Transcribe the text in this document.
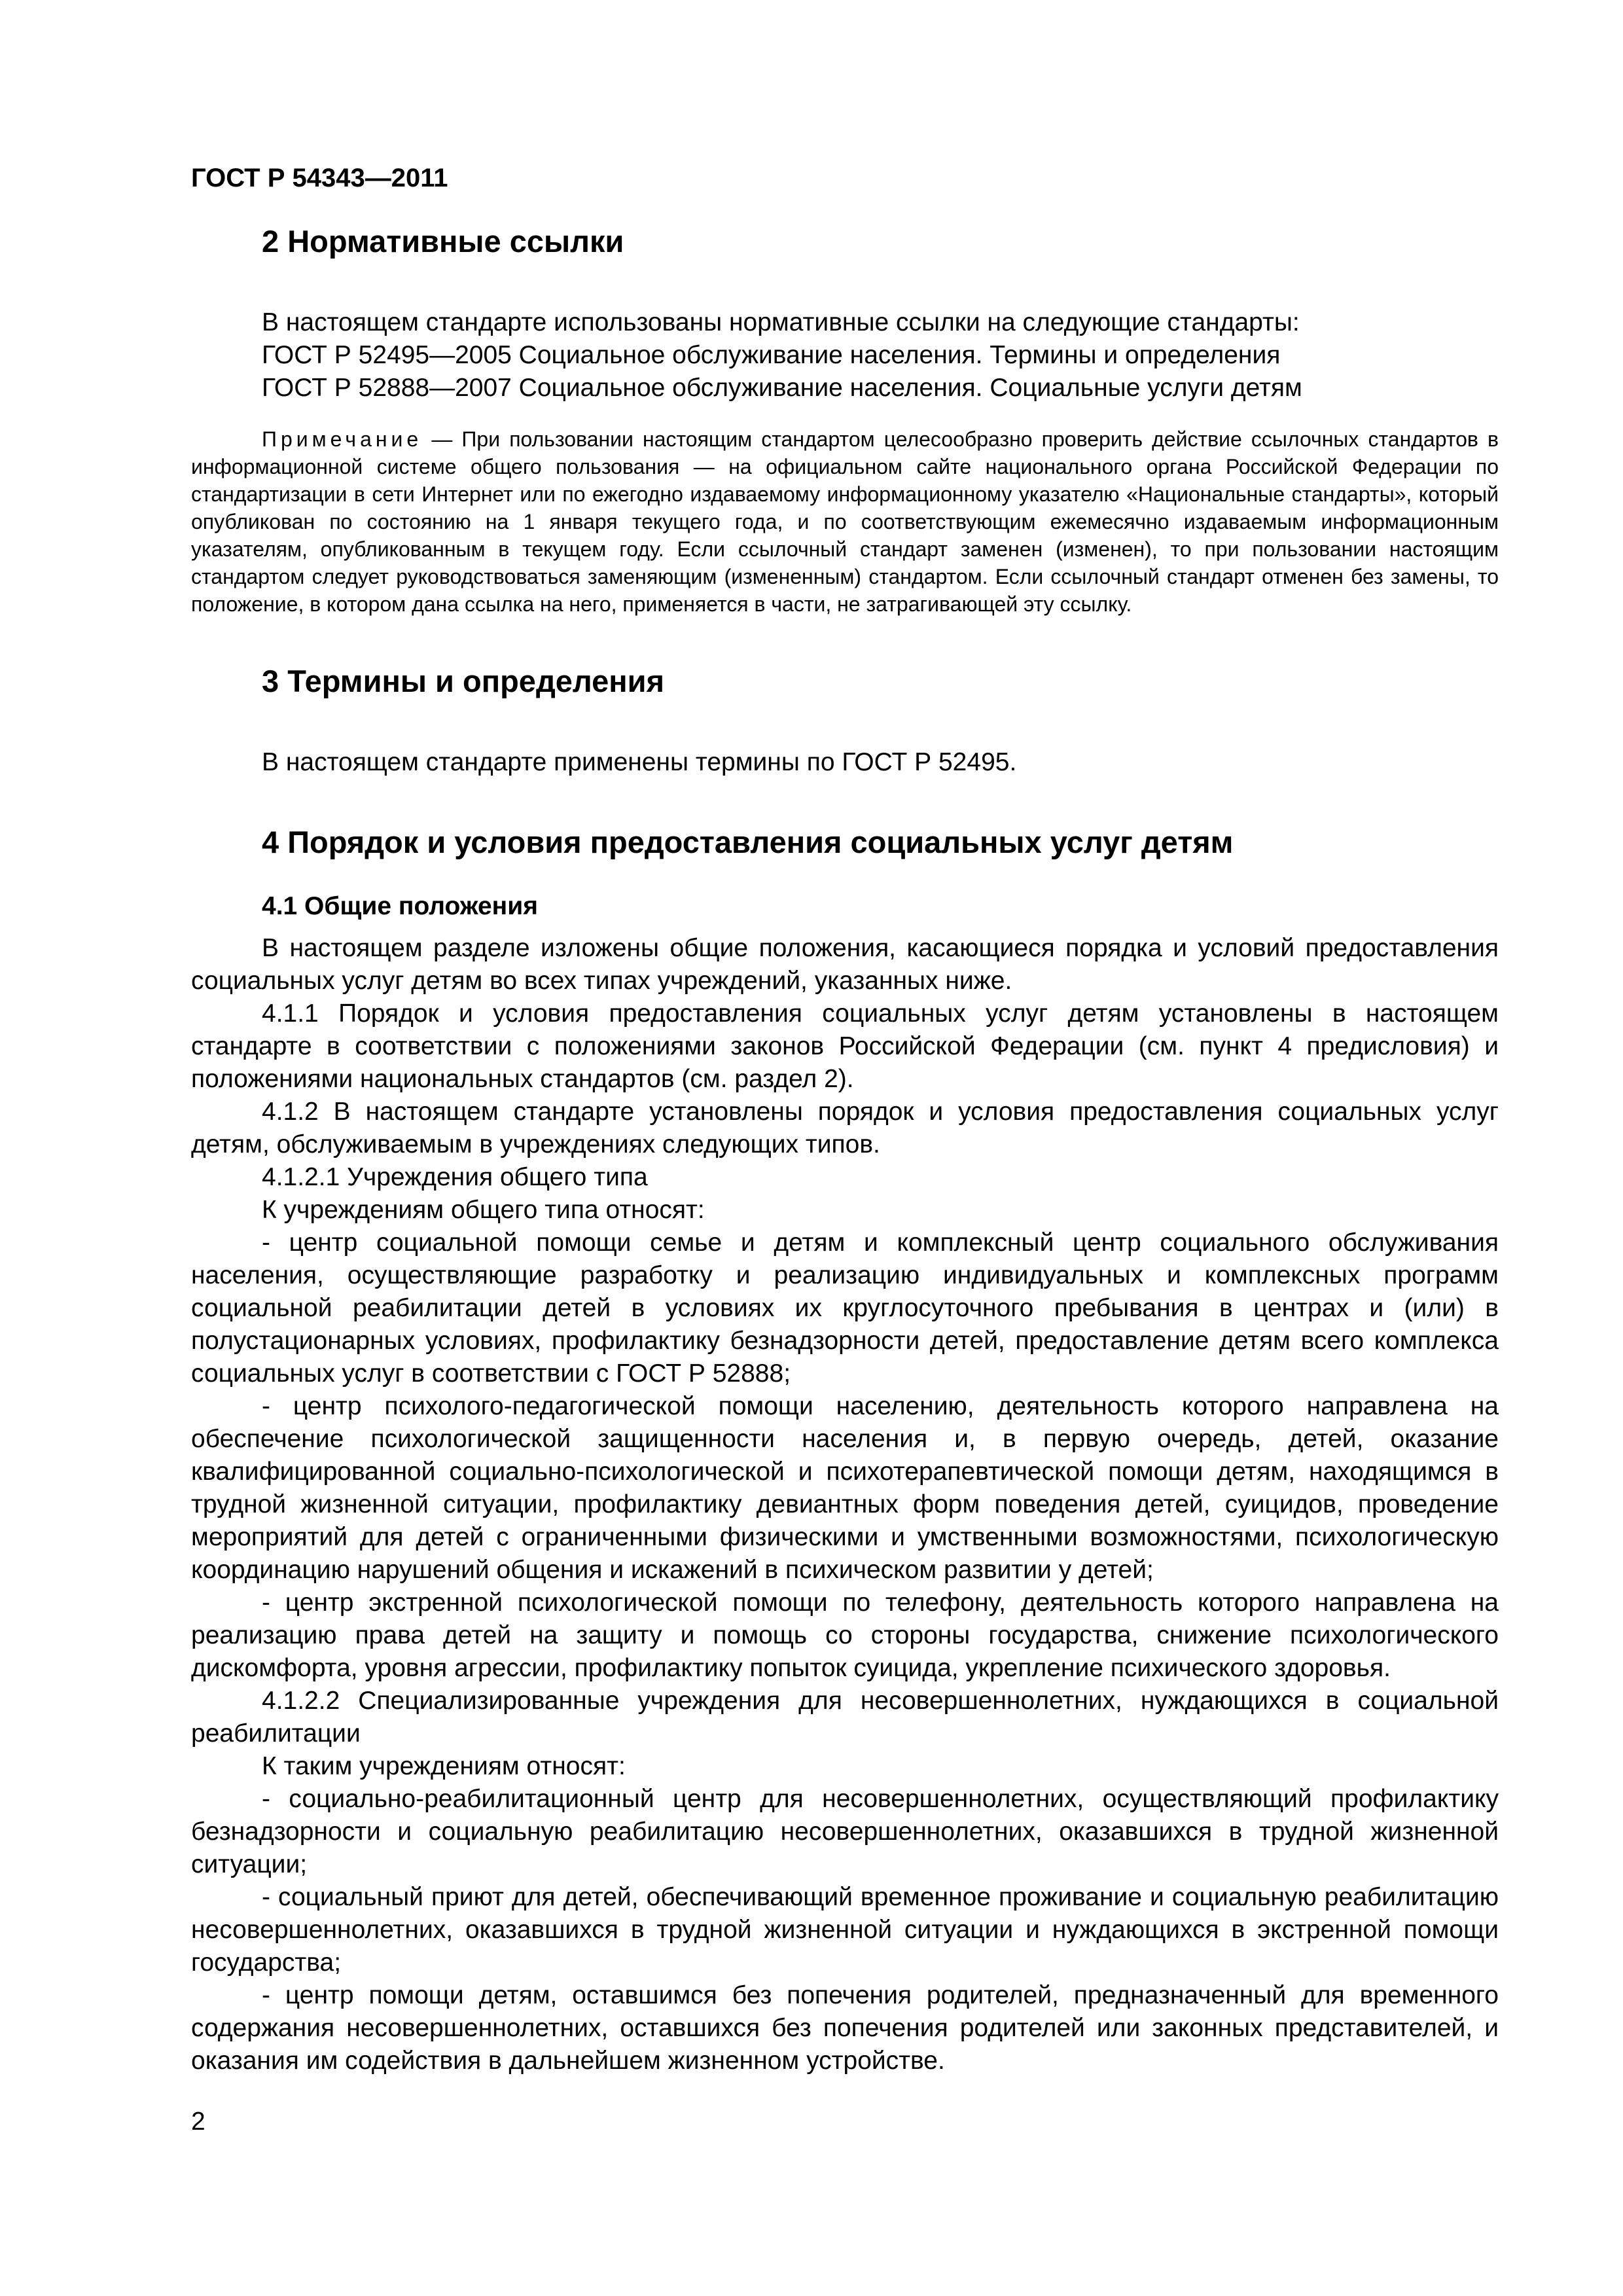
ГОСТ Р 54343—2011
2 Нормативные ссылки

В настоящем стандарте использованы нормативные ссылки на следующие стандарты:

ГОСТ Р 52495—2005 Социальное обслуживание населения. Термины и определения

ГОСТ Р 52888—2007 Социальное обслуживание населения. Социальные услуги детям

Примечание — При пользовании настоящим стандартом целесообразно проверить действие ссылочных стандартов в информационной системе общего пользования — на официальном сайте национального органа Российской Федерации по стандартизации в сети Интернет или по ежегодно издаваемому информационному указателю «Национальные стандарты», который опубликован по состоянию на 1 января текущего года, и по соответствующим ежемесячно издаваемым информационным указателям, опубликованным в текущем году. Если ссылочный стандарт заменен (изменен), то при пользовании настоящим стандартом следует руководствоваться заменяющим (измененным) стандартом. Если ссылочный стандарт отменен без замены, то положение, в котором дана ссылка на него, применяется в части, не затрагивающей эту ссылку.

3 Термины и определения

В настоящем стандарте применены термины по ГОСТ Р 52495.

4 Порядок и условия предоставления социальных услуг детям
4.1 Общие положения

В настоящем разделе изложены общие положения, касающиеся порядка и условий предоставления социальных услуг детям во всех типах учреждений, указанных ниже.

4.1.1 Порядок и условия предоставления социальных услуг детям установлены в настоящем стандарте в соответствии с положениями законов Российской Федерации (см. пункт 4 предисловия) и положениями национальных стандартов (см. раздел 2).

4.1.2 В настоящем стандарте установлены порядок и условия предоставления социальных услуг детям, обслуживаемым в учреждениях следующих типов.

4.1.2.1 Учреждения общего типа

К учреждениям общего типа относят:

- центр социальной помощи семье и детям и комплексный центр социального обслуживания населения, осуществляющие разработку и реализацию индивидуальных и комплексных программ социальной реабилитации детей в условиях их круглосуточного пребывания в центрах и (или) в полустационарных условиях, профилактику безнадзорности детей, предоставление детям всего комплекса социальных услуг в соответствии с ГОСТ Р 52888;

- центр психолого-педагогической помощи населению, деятельность которого направлена на обеспечение психологической защищенности населения и, в первую очередь, детей, оказание квалифицированной социально-психологической и психотерапевтической помощи детям, находящимся в трудной жизненной ситуации, профилактику девиантных форм поведения детей, суицидов, проведение мероприятий для детей с ограниченными физическими и умственными возможностями, психологическую координацию нарушений общения и искажений в психическом развитии у детей;

- центр экстренной психологической помощи по телефону, деятельность которого направлена на реализацию права детей на защиту и помощь со стороны государства, снижение психологического дискомфорта, уровня агрессии, профилактику попыток суицида, укрепление психического здоровья.

4.1.2.2 Специализированные учреждения для несовершеннолетних, нуждающихся в социальной реабилитации

К таким учреждениям относят:

- социально-реабилитационный центр для несовершеннолетних, осуществляющий профилактику безнадзорности и социальную реабилитацию несовершеннолетних, оказавшихся в трудной жизненной ситуации;

- социальный приют для детей, обеспечивающий временное проживание и социальную реабилитацию несовершеннолетних, оказавшихся в трудной жизненной ситуации и нуждающихся в экстренной помощи государства;

- центр помощи детям, оставшимся без попечения родителей, предназначенный для временного содержания несовершеннолетних, оставшихся без попечения родителей или законных представителей, и оказания им содействия в дальнейшем жизненном устройстве.

2
